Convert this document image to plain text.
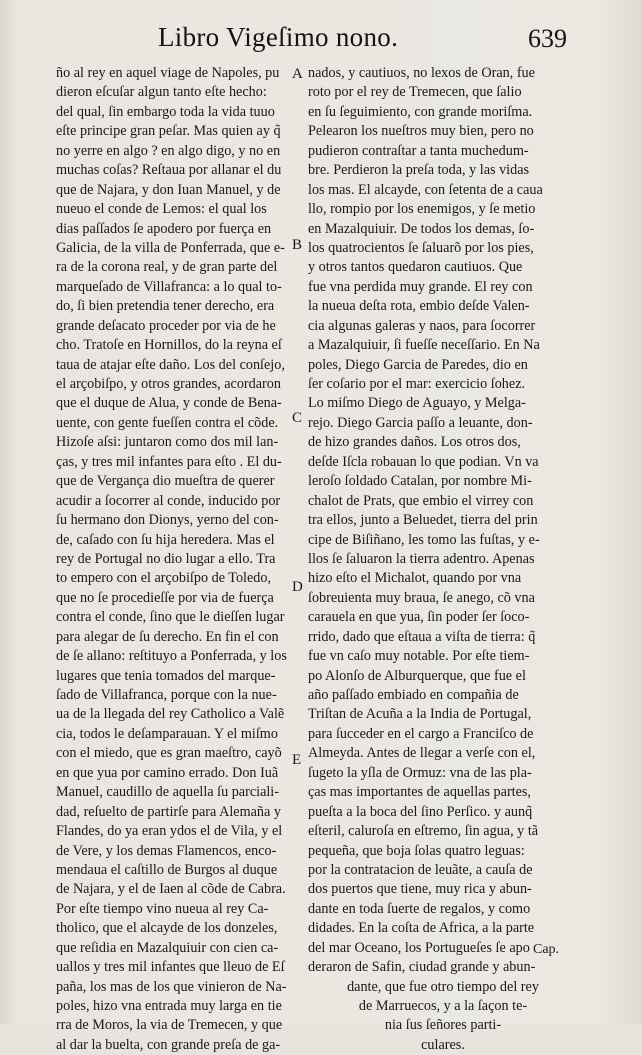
Libro Vigeſimo nono.	639
ño al rey en aquel viage de Napoles, pu
dieron eſcuſar algun tanto eſte hecho:
del qual, ſin embargo toda la vida tuuo
eſte principe gran peſar. Mas quien ay q̃
no yerre en algo ? en algo digo, y no en
muchas coſas? Reſtaua por allanar el du
que de Najara, y don Iuan Manuel, y de
nueuo el conde de Lemos: el qual los
dias paſſados ſe apodero por fuerça en
Galicia, de la villa de Ponferrada, que e-
ra de la corona real, y de gran parte del
marqueſado de Villafranca: a lo qual to-
do, ſi bien pretendia tener derecho, era
grande deſacato proceder por via de he
cho. Tratoſe en Hornillos, do la reyna eſ
taua de atajar eſte daño. Los del conſejo,
el arçobiſpo, y otros grandes, acordaron
que el duque de Alua, y conde de Bena-
uente, con gente fueſſen contra el cõde.
Hizoſe aſsi: juntaron como dos mil lan-
ças, y tres mil infantes para eſto . El du-
que de Vergança dio mueſtra de querer
acudir a ſocorrer al conde, inducido por
ſu hermano don Dionys, yerno del con-
de, caſado con ſu hija heredera. Mas el
rey de Portugal no dio lugar a ello. Tra
to empero con el arçobiſpo de Toledo,
que no ſe procedieſſe por via de fuerça
contra el conde, ſino que le dieſſen lugar
para alegar de ſu derecho. En fin el con
de ſe allano: reſtituyo a Ponferrada, y los
lugares que tenia tomados del marque-
ſado de Villafranca, porque con la nue-
ua de la llegada del rey Catholico a Valẽ
cia, todos le deſamparauan. Y el miſmo
con el miedo, que es gran maeſtro, cayõ
en que yua por camino errado. Don Iuã
Manuel, caudillo de aquella ſu parciali-
dad, reſuelto de partirſe para Alemaña y
Flandes, do ya eran ydos el de Vila, y el
de Vere, y los demas Flamencos, enco-
mendaua el caſtillo de Burgos al duque
de Najara, y el de Iaen al cõde de Cabra.
Por eſte tiempo vino nueua al rey Ca-
tholico, que el alcayde de los donzeles,
que reſidia en Mazalquiuir con cien ca-
uallos y tres mil infantes que lleuo de Eſ
paña, los mas de los que vinieron de Na-
poles, hizo vna entrada muy larga en tie
rra de Moros, la via de Tremecen, y que
al dar la buelta, con grande preſa de ga-
A
B
C
D
E
nados, y cautiuos, no lexos de Oran, fue
roto por el rey de Tremecen, que ſalio
en ſu ſeguimiento, con grande moriſma.
Pelearon los nueſtros muy bien, pero no
pudieron contraſtar a tanta muchedum-
bre. Perdieron la preſa toda, y las vidas
los mas. El alcayde, con ſetenta de a caua
llo, rompio por los enemigos, y ſe metio
en Mazalquiuir. De todos los demas, ſo-
los quatrocientos ſe ſaluarõ por los pies,
y otros tantos quedaron cautiuos. Que
fue vna perdida muy grande. El rey con
la nueua deſta rota, embio deſde Valen-
cia algunas galeras y naos, para ſocorrer
a Mazalquiuir, ſi fueſſe neceſſario. En Na
poles, Diego Garcia de Paredes, dio en
ſer coſario por el mar: exercicio ſohez.
Lo miſmo Diego de Aguayo, y Melga-
rejo. Diego Garcia paſſo a leuante, don-
de hizo grandes daños. Los otros dos,
deſde Iſcla robauan lo que podian. Vn va
leroſo ſoldado Catalan, por nombre Mi-
chalot de Prats, que embio el virrey con
tra ellos, junto a Beluedet, tierra del prin
cipe de Biſiñano, les tomo las fuſtas, y e-
llos ſe ſaluaron la tierra adentro. Apenas
hizo eſto el Michalot, quando por vna
ſobreuienta muy braua, ſe anego, cõ vna
carauela en que yua, ſin poder ſer ſoco-
rrido, dado que eſtaua a viſta de tierra: q̃
fue vn caſo muy notable. Por eſte tiem-
po Alonſo de Alburquerque, que fue el
año paſſado embiado en compañia de
Triſtan de Acuña a la India de Portugal,
para ſucceder en el cargo a Franciſco de
Almeyda. Antes de llegar a verſe con el,
ſugeto la yſla de Ormuz: vna de las pla-
ças mas importantes de aquellas partes,
pueſta a la boca del ſino Perſico. y aunq̃
eſteril, caluroſa en eſtremo, ſin agua, y tã
pequeña, que boja ſolas quatro leguas:
por la contratacion de leuãte, a cauſa de
dos puertos que tiene, muy rica y abun-
dante en toda ſuerte de regalos, y como
didades. En la coſta de Africa, a la parte
del mar Oceano, los Portugueſes ſe apo
deraron de Safin, ciudad grande y abun-
dante, que fue otro tiempo del rey
de Marruecos, y a la ſaçon te-
nia ſus ſeñores parti-
culares.
Cap.
